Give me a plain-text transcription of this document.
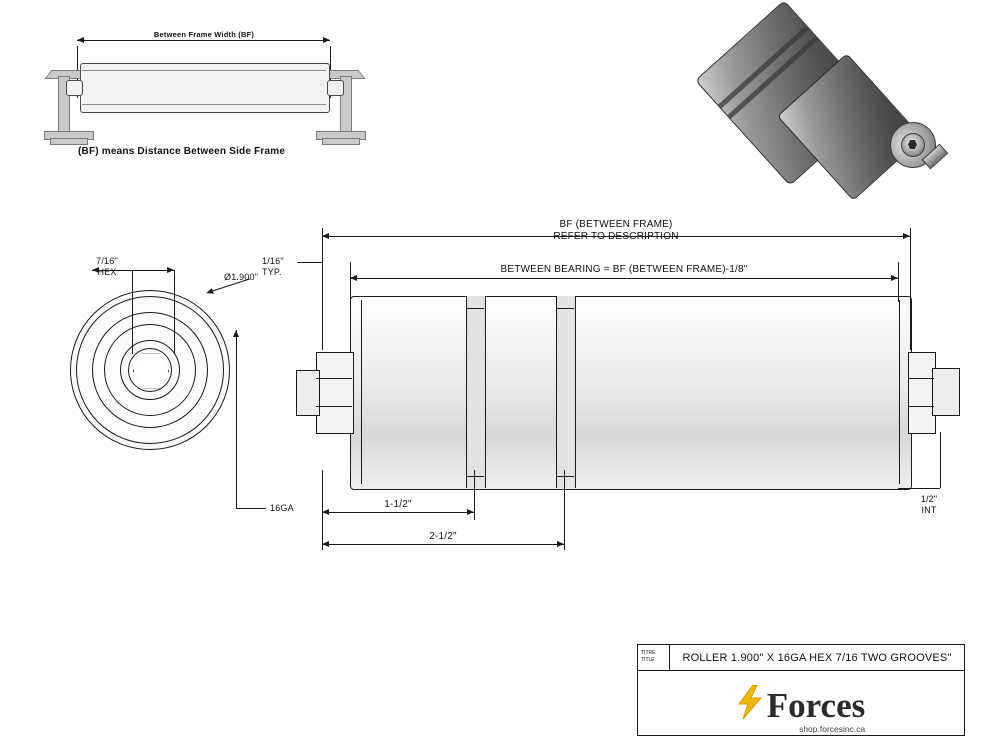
Between Frame Width (BF)
(BF) means Distance Between Side Frame
7/16"
HEX	Ø1.900"
16GA
BF (BETWEEN FRAME)
REFER TO DESCRIPTION
BETWEEN BEARING = BF (BETWEEN FRAME)-1/8"
1/16"
TYP.
1-1/2"
2-1/2"
1/2"
INT
TITRE
TITLE	ROLLER 1.900" X 16GA HEX 7/16 TWO GROOVES"
Forces
shop.forcesinc.ca
